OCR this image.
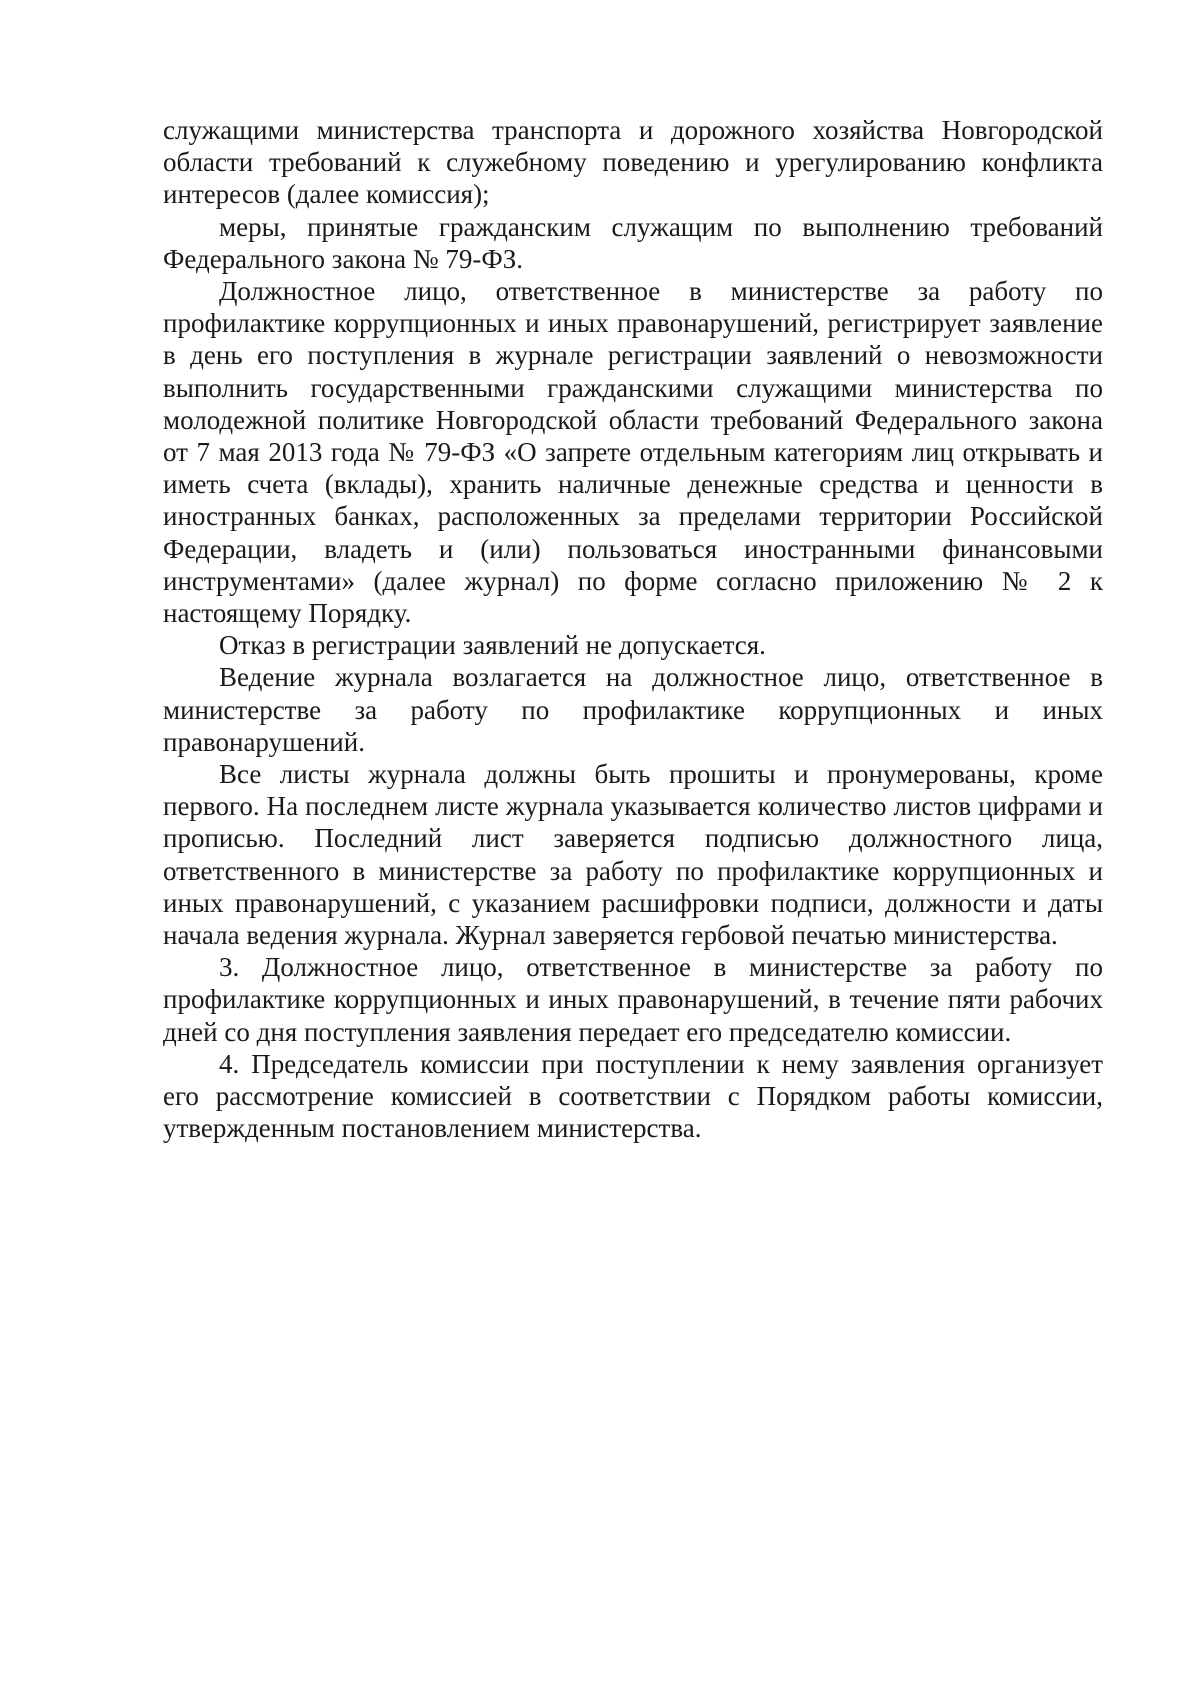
служащими министерства транспорта и дорожного хозяйства Новгородской области требований к служебному поведению и урегулированию конфликта интересов (далее комиссия);

меры, принятые гражданским служащим по выполнению требований Федерального закона № 79-ФЗ.

Должностное лицо, ответственное в министерстве за работу по профилактике коррупционных и иных правонарушений, регистрирует заявление в день его поступления в журнале регистрации заявлений о невозможности выполнить государственными гражданскими служащими министерства по молодежной политике Новгородской области требований Федерального закона от 7 мая 2013 года № 79-ФЗ «О запрете отдельным категориям лиц открывать и иметь счета (вклады), хранить наличные денежные средства и ценности в иностранных банках, расположенных за пределами территории Российской Федерации, владеть и (или) пользоваться иностранными финансовыми инструментами» (далее журнал) по форме согласно приложению № 2 к настоящему Порядку.

Отказ в регистрации заявлений не допускается.

Ведение журнала возлагается на должностное лицо, ответственное в министерстве за работу по профилактике коррупционных и иных правонарушений.

Все листы журнала должны быть прошиты и пронумерованы, кроме первого. На последнем листе журнала указывается количество листов цифрами и прописью. Последний лист заверяется подписью должностного лица, ответственного в министерстве за работу по профилактике коррупционных и иных правонарушений, с указанием расшифровки подписи, должности и даты начала ведения журнала. Журнал заверяется гербовой печатью министерства.

3. Должностное лицо, ответственное в министерстве за работу по профилактике коррупционных и иных правонарушений, в течение пяти рабочих дней со дня поступления заявления передает его председателю комиссии.

4. Председатель комиссии при поступлении к нему заявления организует его рассмотрение комиссией в соответствии с Порядком работы комиссии, утвержденным постановлением министерства.
